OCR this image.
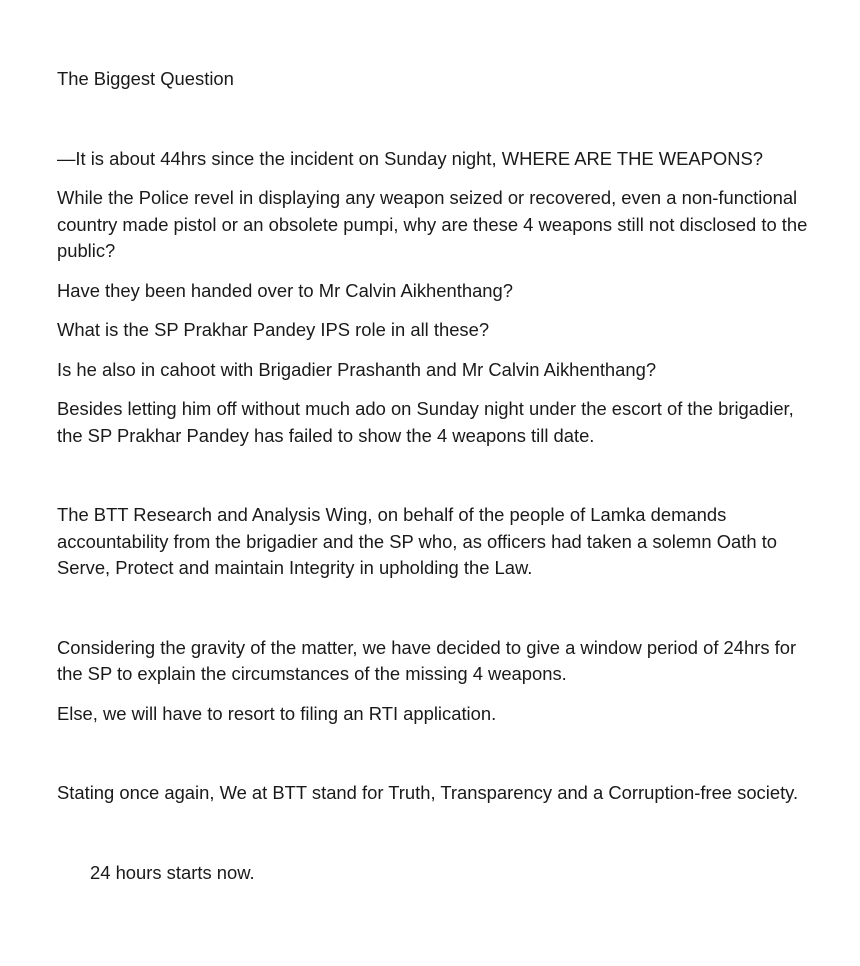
The Biggest Question

—It is about 44hrs since the incident on Sunday night, WHERE ARE THE WEAPONS?

While the Police revel in displaying any weapon seized or recovered, even a non-functional country made pistol or an obsolete pumpi, why are these 4 weapons still not disclosed to the public?

Have they been handed over to Mr Calvin Aikhenthang?

What is the SP Prakhar Pandey IPS role in all these?

Is he also in cahoot with Brigadier Prashanth and Mr Calvin Aikhenthang?

Besides letting him off without much ado on Sunday night under the escort of the brigadier, the SP Prakhar Pandey has failed to show the 4 weapons till date.

The BTT Research and Analysis Wing, on behalf of the people of Lamka demands accountability from the brigadier and the SP who, as officers had taken a solemn Oath to Serve, Protect and maintain Integrity in upholding the Law.

Considering the gravity of the matter, we have decided to give a window period of 24hrs for the SP to explain the circumstances of the missing 4 weapons.

Else, we will have to resort to filing an RTI application.

Stating once again, We at BTT stand for Truth, Transparency and a Corruption-free society.

24 hours starts now.
